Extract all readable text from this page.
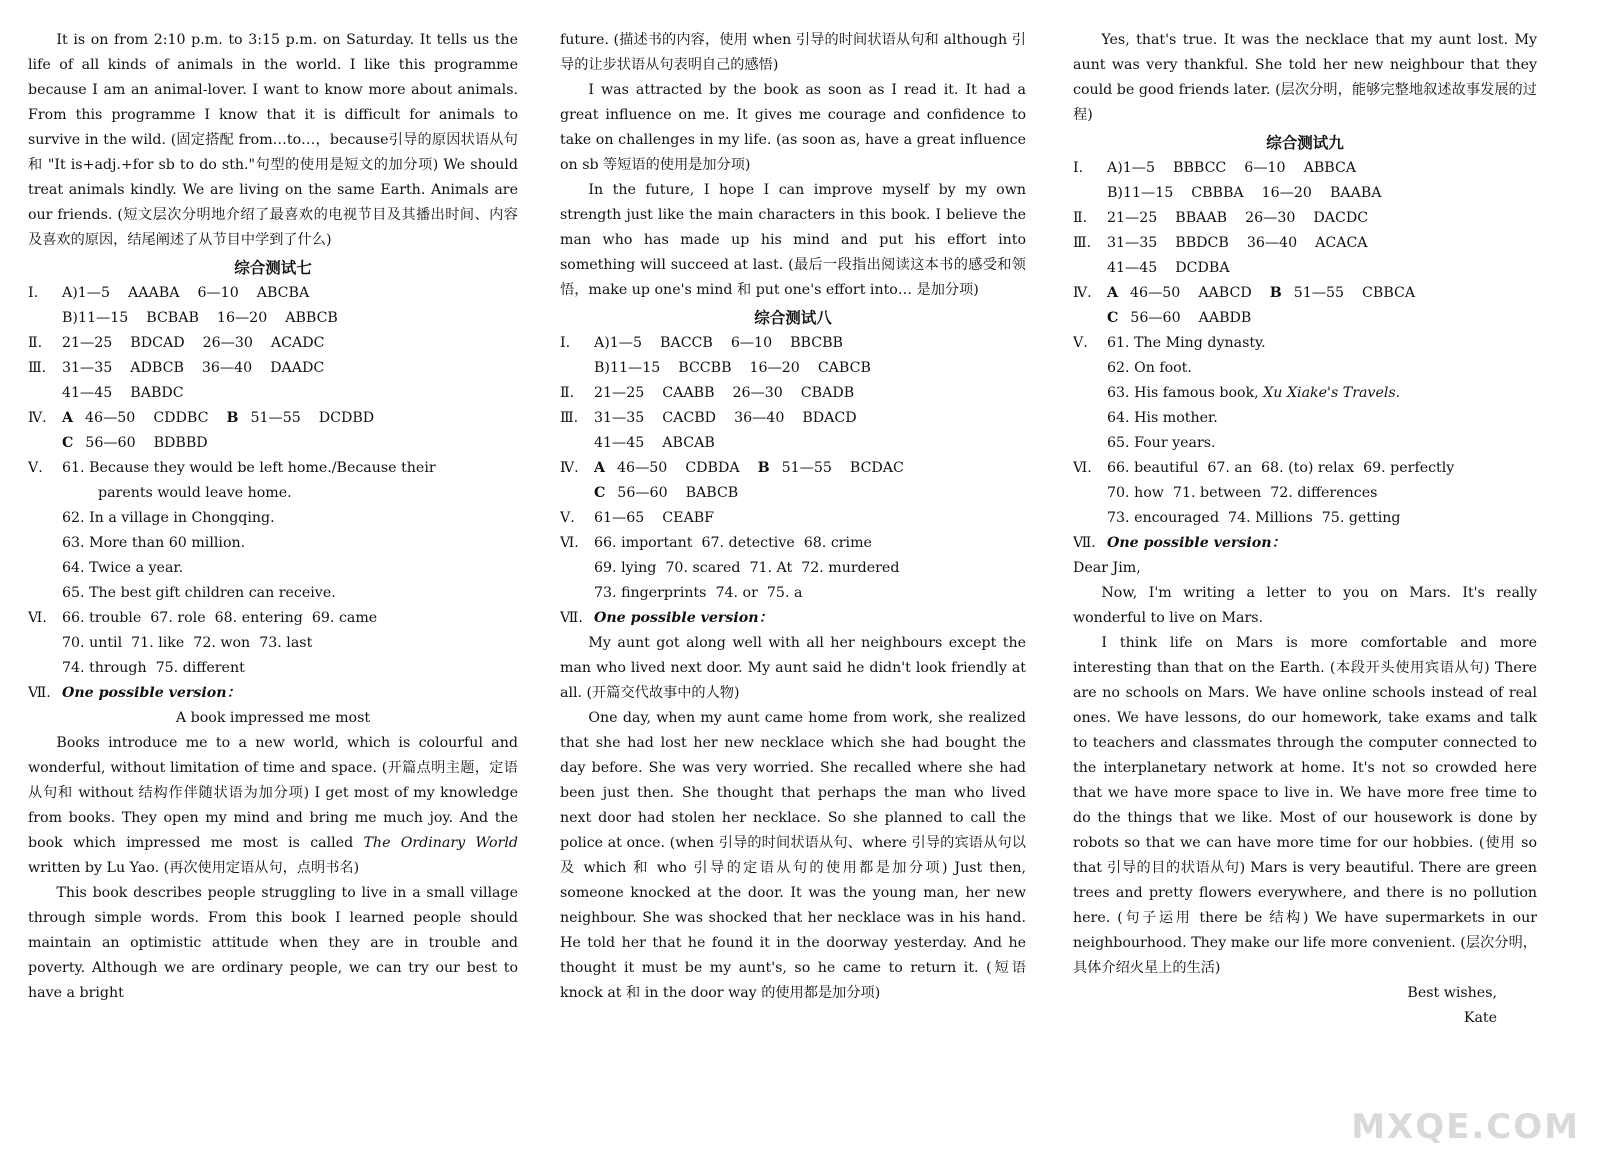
It is on from 2:10 p.m. to 3:15 p.m. on Saturday. It tells us the life of all kinds of animals in the world. I like this programme because I am an animal-lover. I want to know more about animals. From this programme I know that it is difficult for animals to survive in the wild. (固定搭配 from…to…，because引导的原因状语从句和 "It is+adj.+for sb to do sth."句型的使用是短文的加分项) We should treat animals kindly. We are living on the same Earth. Animals are our friends. (短文层次分明地介绍了最喜欢的电视节目及其播出时间、内容及喜欢的原因，结尾阐述了从节目中学到了什么)

综合测试七
Ⅰ.	A)1—5 AAABA 6—10 ABCBA
B)11—15 BCBAB 16—20 ABBCB
Ⅱ.	21—25 BDCAD 26—30 ACADC
Ⅲ.	31—35 ADBCB 36—40 DAADC
41—45 BABDC
Ⅳ.	A 46—50 CDDBC B 51—55 DCDBD
C 56—60 BDBBD
Ⅴ.	61. Because they would be left home./Because their
parents would leave home.
62. In a village in Chongqing.
63. More than 60 million.
64. Twice a year.
65. The best gift children can receive.
Ⅵ.	66. trouble  67. role  68. entering  69. came
70. until  71. like  72. won  73. last
74. through  75. different
Ⅶ. One possible version：

A book impressed me most

Books introduce me to a new world, which is colourful and wonderful, without limitation of time and space. (开篇点明主题，定语从句和 without 结构作伴随状语为加分项) I get most of my knowledge from books. They open my mind and bring me much joy. And the book which impressed me most is called The Ordinary World written by Lu Yao. (再次使用定语从句，点明书名)

This book describes people struggling to live in a small village through simple words. From this book I learned people should maintain an optimistic attitude when they are in trouble and poverty. Although we are ordinary people, we can try our best to have a bright

future. (描述书的内容，使用 when 引导的时间状语从句和 although 引导的让步状语从句表明自己的感悟)

I was attracted by the book as soon as I read it. It had a great influence on me. It gives me courage and confidence to take on challenges in my life. (as soon as, have a great influence on sb 等短语的使用是加分项)

In the future, I hope I can improve myself by my own strength just like the main characters in this book. I believe the man who has made up his mind and put his effort into something will succeed at last. (最后一段指出阅读这本书的感受和领悟，make up one's mind 和 put one's effort into… 是加分项)

综合测试八
Ⅰ.	A)1—5 BACCB 6—10 BBCBB
B)11—15 BCCBB 16—20 CABCB
Ⅱ.	21—25 CAABB 26—30 CBADB
Ⅲ.	31—35 CACBD 36—40 BDACD
41—45 ABCAB
Ⅳ.	A 46—50 CDBDA B 51—55 BCDAC
C 56—60 BABCB
Ⅴ.	61—65 CEABF
Ⅵ.	66. important  67. detective  68. crime
69. lying  70. scared  71. At  72. murdered
73. fingerprints  74. or  75. a
Ⅶ. One possible version：

My aunt got along well with all her neighbours except the man who lived next door. My aunt said he didn't look friendly at all. (开篇交代故事中的人物)

One day, when my aunt came home from work, she realized that she had lost her new necklace which she had bought the day before. She was very worried. She recalled where she had been just then. She thought that perhaps the man who lived next door had stolen her necklace. So she planned to call the police at once. (when 引导的时间状语从句、where 引导的宾语从句以及 which 和 who 引导的定语从句的使用都是加分项) Just then, someone knocked at the door. It was the young man, her new neighbour. She was shocked that her necklace was in his hand. He told her that he found it in the doorway yesterday. And he thought it must be my aunt's, so he came to return it. (短语 knock at 和 in the door way 的使用都是加分项)

Yes, that's true. It was the necklace that my aunt lost. My aunt was very thankful. She told her new neighbour that they could be good friends later. (层次分明，能够完整地叙述故事发展的过程)

综合测试九
Ⅰ.	A)1—5 BBBCC 6—10 ABBCA
B)11—15 CBBBA 16—20 BAABA
Ⅱ.	21—25 BBAAB 26—30 DACDC
Ⅲ.	31—35 BBDCB 36—40 ACACA
41—45 DCDBA
Ⅳ.	A 46—50 AABCD B 51—55 CBBCA
C 56—60 AABDB
Ⅴ.	61. The Ming dynasty.
62. On foot.
63. His famous book, Xu Xiake's Travels.
64. His mother.
65. Four years.
Ⅵ.	66. beautiful  67. an  68. (to) relax  69. perfectly
70. how  71. between  72. differences
73. encouraged  74. Millions  75. getting
Ⅶ. One possible version：

Dear Jim,

Now, I'm writing a letter to you on Mars. It's really wonderful to live on Mars.

I think life on Mars is more comfortable and more interesting than that on the Earth. (本段开头使用宾语从句) There are no schools on Mars. We have online schools instead of real ones. We have lessons, do our homework, take exams and talk to teachers and classmates through the computer connected to the interplanetary network at home. It's not so crowded here that we have more space to live in. We have more free time to do the things that we like. Most of our housework is done by robots so that we can have more time for our hobbies. (使用 so that 引导的目的状语从句) Mars is very beautiful. There are green trees and pretty flowers everywhere, and there is no pollution here. (句子运用 there be 结构) We have supermarkets in our neighbourhood. They make our life more convenient. (层次分明，具体介绍火星上的生活)

Best wishes,

Kate

MXQE.COM
